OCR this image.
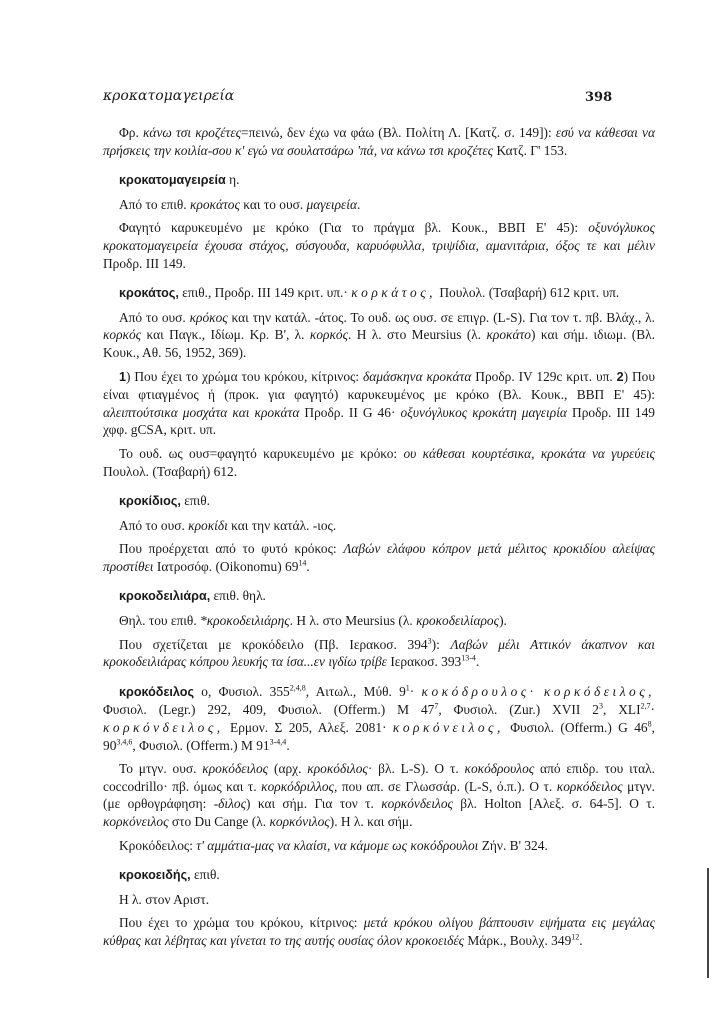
κροκατομαγειρεία	398

Φρ. κάνω τσι κροζέτες=πεινώ, δεν έχω να φάω (Βλ. Πολίτη Λ. [Κατζ. σ. 149]): εσύ να κάθεσαι να πρήσκεις την κοιλία-σου κ' εγώ να σουλατσάρω 'πά, να κάνω τσι κροζέτες Κατζ. Γ' 153.

κροκατομαγειρεία η.

Από το επιθ. κροκάτος και το ουσ. μαγειρεία.

Φαγητό καρυκευμένο με κρόκο (Για το πράγμα βλ. Κουκ., ΒΒΠ Ε' 45): οξυνόγλυκος κροκατομαγειρεία έχουσα στάχος, σύσγουδα, καρυόφυλλα, τριψίδια, αμανιτάρια, όξος τε και μέλιν Προδρ. ΙΙΙ 149.

κροκάτος, επιθ., Προδρ. ΙΙΙ 149 κριτ. υπ.· κορκάτος, Πουλολ. (Τσαβαρή) 612 κριτ. υπ.

Από το ουσ. κρόκος και την κατάλ. -άτος. Το ουδ. ως ουσ. σε επιγρ. (L-S). Για τον τ. πβ. Βλάχ., λ. κορκός και Παγκ., Ιδίωμ. Κρ. Β', λ. κορκός. Η λ. στο Meursius (λ. κροκάτο) και σήμ. ιδιωμ. (Βλ. Κουκ., Αθ. 56, 1952, 369).

1) Που έχει το χρώμα του κρόκου, κίτρινος: δαμάσκηνα κροκάτα Προδρ. IV 129c κριτ. υπ. 2) Που είναι φτιαγμένος ή (προκ. για φαγητό) καρυκευμένος με κρόκο (Βλ. Κουκ., ΒΒΠ Ε' 45): αλειπτούτσικα μοσχάτα και κροκάτα Προδρ. ΙΙ G 46· οξυνόγλυκος κροκάτη μαγειρία Προδρ. ΙΙΙ 149 χφφ. gCSA, κριτ. υπ.

Το ουδ. ως ουσ=φαγητό καρυκευμένο με κρόκο: ου κάθεσαι κουρτέσικα, κροκάτα να γυρεύεις Πουλολ. (Τσαβαρή) 612.

κροκίδιος, επιθ.

Από το ουσ. κροκίδι και την κατάλ. -ιος.

Που προέρχεται από το φυτό κρόκος: Λαβών ελάφου κόπρον μετά μέλιτος κροκιδίου αλείψας προστίθει Ιατροσόφ. (Oikonomu) $69^{14}$.

κροκοδειλιάρα, επιθ. θηλ.

Θηλ. του επιθ. *κροκοδειλιάρης. Η λ. στο Meursius (λ. κροκοδειλίαρος).

Που σχετίζεται με κροκόδειλο (Πβ. Ιερακοσ. $394^3$): Λαβών μέλι Αττικόν άκαπνον και κροκοδειλιάρας κόπρου λευκής τα ίσα...εν ιγδίω τρίβε Ιερακοσ. 393$^{13-4}$.

κροκόδειλος ο, Φυσιολ. 355$^{2,4,8}$, Αιτωλ., Μύθ. $9^1\cdot \kappa o\kappa ό\delta\rho o\upsilon\lambda o\varsigma\cdot \kappa o\rho\kappa ό\delta\varepsilon\iota\lambda o\varsigma$, Φυσιολ. (Legr.) 292, 409, Φυσιολ. (Offerm.) Μ $47^7$, Φυσιολ. (Zur.) XVII $2^3$, XLI$^{2,7}$· κορκόνδειλος, Ερμον. Σ 205, Αλεξ. 2081· κορκόνειλος, Φυσιολ. (Offerm.) G $46^8$, 90$^{3,4,6}$, Φυσιολ. (Offerm.) Μ 91$^{3-4,4}$.

Το μτγν. ουσ. κροκόδειλος (αρχ. κροκόδιλος· βλ. L-S). Ο τ. κοκόδρουλος από επιδρ. του ιταλ. coccodrillo· πβ. όμως και τ. κορκόδριλλος, που απ. σε Γλωσσάρ. (L-S, ό.π.). Ο τ. κορκόδειλος μτγν. (με ορθογράφηση: -διλος) και σήμ. Για τον τ. κορκόνδειλος βλ. Holton [Αλεξ. σ. 64-5]. Ο τ. κορκόνειλος στο Du Cange (λ. κορκόνιλος). Η λ. και σήμ.

Κροκόδειλος: τ' αμμάτια-μας να κλαίσι, να κάμομε ως κοκόδρουλοι Ζήν. Β' 324.

κροκοειδής, επιθ.

Η λ. στον Αριστ.

Που έχει το χρώμα του κρόκου, κίτρινος: μετά κρόκου ολίγου βάπτουσιν εψήματα εις μεγάλας κύθρας και λέβητας και γίνεται το της αυτής ουσίας όλον κροκοειδές Μάρκ., Βουλχ. $349^{12}$.
